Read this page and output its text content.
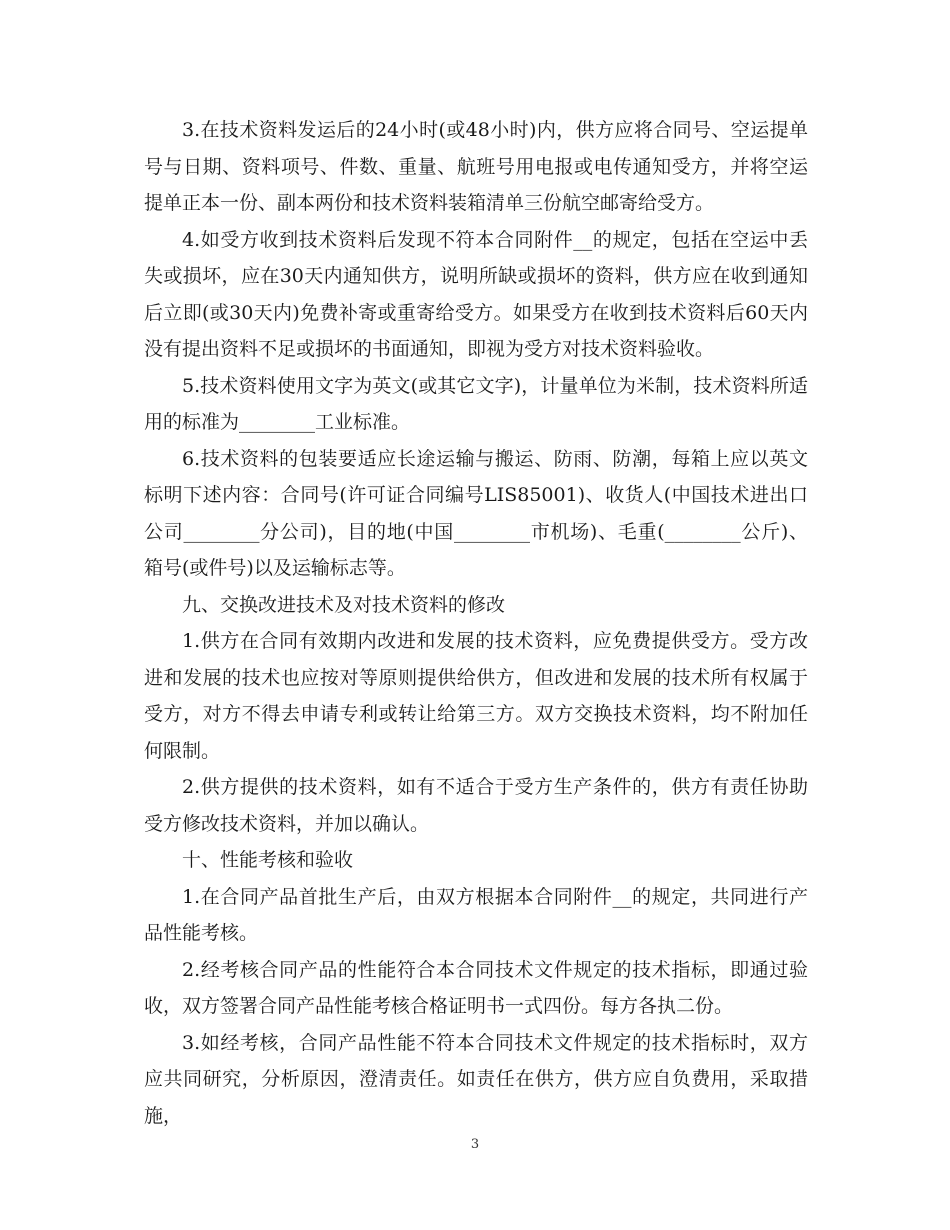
3.在技术资料发运后的24小时(或48小时)内，供方应将合同号、空运提单号与日期、资料项号、件数、重量、航班号用电报或电传通知受方，并将空运提单正本一份、副本两份和技术资料装箱清单三份航空邮寄给受方。

4.如受方收到技术资料后发现不符本合同附件__的规定，包括在空运中丢失或损坏，应在30天内通知供方，说明所缺或损坏的资料，供方应在收到通知后立即(或30天内)免费补寄或重寄给受方。如果受方在收到技术资料后60天内没有提出资料不足或损坏的书面通知，即视为受方对技术资料验收。

5.技术资料使用文字为英文(或其它文字)，计量单位为米制，技术资料所适用的标准为________工业标准。

6.技术资料的包装要适应长途运输与搬运、防雨、防潮，每箱上应以英文标明下述内容：合同号(许可证合同编号LIS85001)、收货人(中国技术进出口公司________分公司)，目的地(中国________市机场)、毛重(________公斤)、箱号(或件号)以及运输标志等。

九、交换改进技术及对技术资料的修改

1.供方在合同有效期内改进和发展的技术资料，应免费提供受方。受方改进和发展的技术也应按对等原则提供给供方，但改进和发展的技术所有权属于受方，对方不得去申请专利或转让给第三方。双方交换技术资料，均不附加任何限制。

2.供方提供的技术资料，如有不适合于受方生产条件的，供方有责任协助受方修改技术资料，并加以确认。

十、性能考核和验收

1.在合同产品首批生产后，由双方根据本合同附件__的规定，共同进行产品性能考核。

2.经考核合同产品的性能符合本合同技术文件规定的技术指标，即通过验收，双方签署合同产品性能考核合格证明书一式四份。每方各执二份。

3.如经考核，合同产品性能不符本合同技术文件规定的技术指标时，双方应共同研究，分析原因，澄清责任。如责任在供方，供方应自负费用，采取措施，

3
